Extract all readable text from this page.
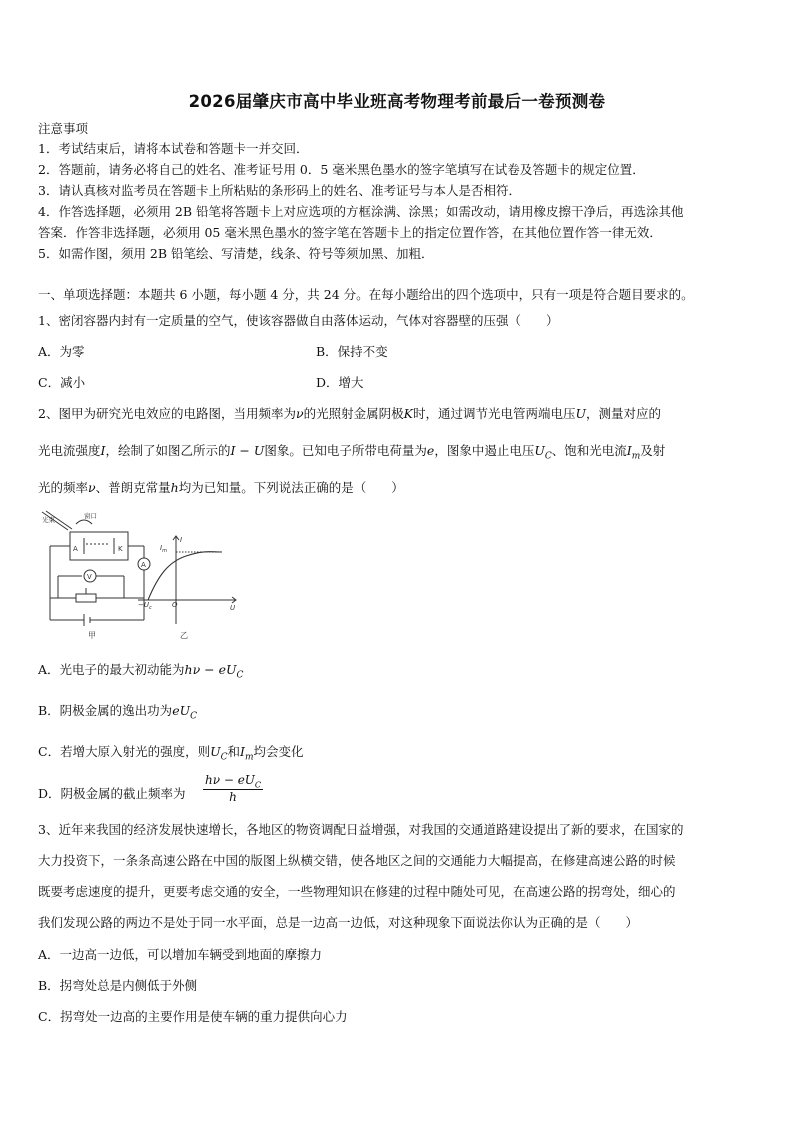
2026届肇庆市高中毕业班高考物理考前最后一卷预测卷
注意事项
1．考试结束后，请将本试卷和答题卡一并交回．
2．答题前，请务必将自己的姓名、准考证号用 0．5 毫米黑色墨水的签字笔填写在试卷及答题卡的规定位置．
3．请认真核对监考员在答题卡上所粘贴的条形码上的姓名、准考证号与本人是否相符．
4．作答选择题，必须用 2B 铅笔将答题卡上对应选项的方框涂满、涂黑；如需改动，请用橡皮擦干净后，再选涂其他
答案．作答非选择题，必须用 05 毫米黑色墨水的签字笔在答题卡上的指定位置作答，在其他位置作答一律无效．
5．如需作图，须用 2B 铅笔绘、写清楚，线条、符号等须加黑、加粗．
一、单项选择题：本题共 6 小题，每小题 4 分，共 24 分。在每小题给出的四个选项中，只有一项是符合题目要求的。
1、密闭容器内封有一定质量的空气，使该容器做自由落体运动，气体对容器壁的压强（　　）
A．为零	B．保持不变
C．减小	D．增大
2、图甲为研究光电效应的电路图，当用频率为ν的光照射金属阴极K时，通过调节光电管两端电压U，测量对应的
光电流强度I，绘制了如图乙所示的I − U图象。已知电子所带电荷量为e，图象中遏止电压$U_C$、饱和光电流$I_m$及射
光的频率ν、普朗克常量h均为已知量。下列说法正确的是（　　）
光束	窗口
A	K
V
A
甲
$I_m$
I
U
$-U_c$	O
乙
A．光电子的最大初动能为$h\nu - eU_C$
B．阴极金属的逸出功为$eU_C$
C．若增大原入射光的强度，则$U_C$和$I_m$均会变化
D．阴极金属的截止频率为
$h\nu - eU_C$
h
3、近年来我国的经济发展快速增长，各地区的物资调配日益增强，对我国的交通道路建设提出了新的要求，在国家的
大力投资下，一条条高速公路在中国的版图上纵横交错，使各地区之间的交通能力大幅提高，在修建高速公路的时候
既要考虑速度的提升，更要考虑交通的安全，一些物理知识在修建的过程中随处可见，在高速公路的拐弯处，细心的
我们发现公路的两边不是处于同一水平面，总是一边高一边低，对这种现象下面说法你认为正确的是（　　）
A．一边高一边低，可以增加车辆受到地面的摩擦力
B．拐弯处总是内侧低于外侧
C．拐弯处一边高的主要作用是使车辆的重力提供向心力
